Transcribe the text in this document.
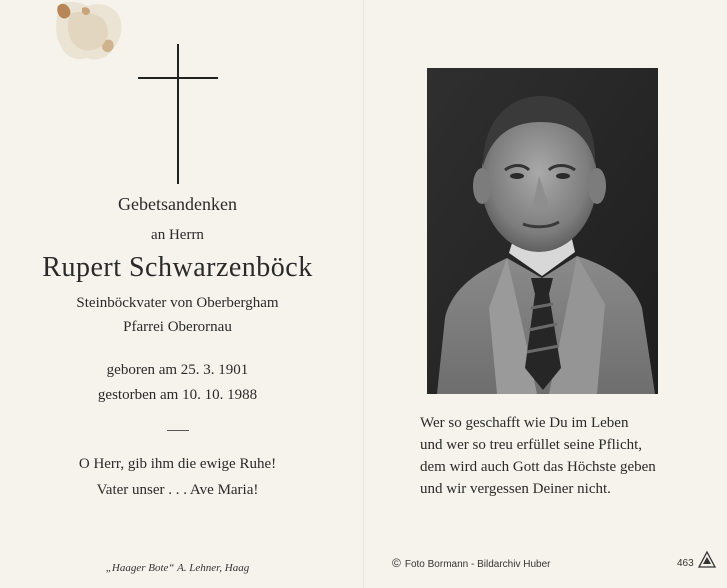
Gebetsandenken
an Herrn
Rupert Schwarzenböck
Steinböckvater von Oberbergham
Pfarrei Oberornau
geboren am 25. 3. 1901
gestorben am 10. 10. 1988
O Herr, gib ihm die ewige Ruhe!
Vater unser . . . Ave Maria!
„Haager Bote“ A. Lehner, Haag
Wer so geschafft wie Du im Leben
und wer so treu erfüllet seine Pflicht,
dem wird auch Gott das Höchste geben
und wir vergessen Deiner nicht.
© Foto Bormann - Bildarchiv Huber	463
